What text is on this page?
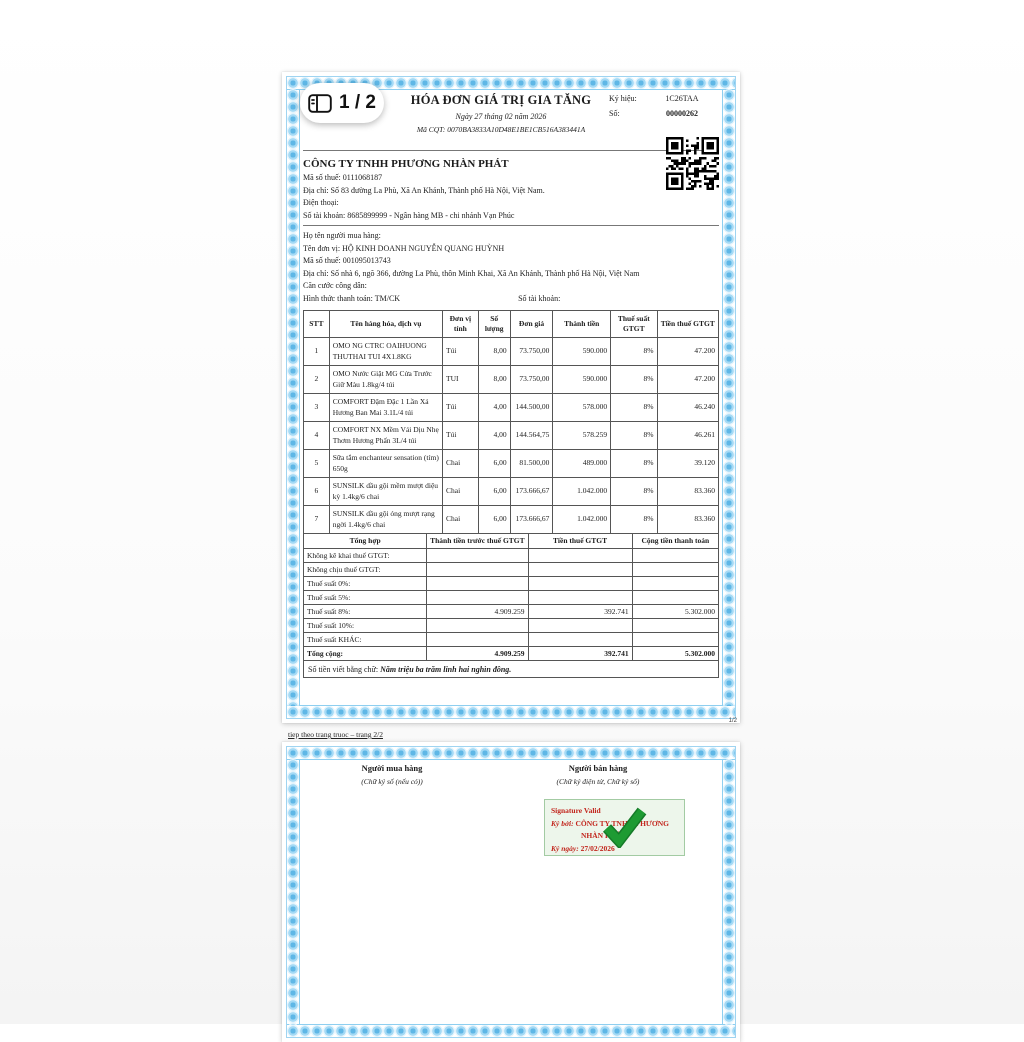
1 / 2	HÓA ĐƠN GIÁ TRỊ GIA TĂNG
Ngày 27 tháng 02 năm 2026
Mã CQT: 0070BA3833A10D48E1BE1CB516A383441A
Ký hiệu:	1C26TAA
Số:	00000262
CÔNG TY TNHH PHƯƠNG NHÀN PHÁT
Mã số thuế: 0111068187
Địa chỉ: Số 83 đường La Phù, Xã An Khánh, Thành phố Hà Nội, Việt Nam.
Điện thoại:
Số tài khoản: 8685899999 - Ngân hàng MB - chi nhánh Vạn Phúc
Họ tên người mua hàng:
Tên đơn vị: HỘ KINH DOANH NGUYỄN QUANG HUỲNH
Mã số thuế: 001095013743
Địa chỉ: Số nhà 6, ngõ 366, đường La Phù, thôn Minh Khai, Xã An Khánh, Thành phố Hà Nội, Việt Nam
Căn cước công dân:
Hình thức thanh toán: TM/CK	Số tài khoản:
STT	Tên hàng hóa, dịch vụ	Đơn vị tính	Số lượng	Đơn giá	Thành tiền	Thuế suất GTGT	Tiền thuế GTGT
1	OMO NG CTRC OAIHUONG THUTHAI TUI 4X1.8KG	Túi	8,00	73.750,00	590.000	8%	47.200
2	OMO Nước Giặt MG Cửa Trước Giữ Màu 1.8kg/4 túi	TUI	8,00	73.750,00	590.000	8%	47.200
3	COMFORT Đậm Đặc 1 Lần Xả Hương Ban Mai 3.1L/4 túi	Túi	4,00	144.500,00	578.000	8%	46.240
4	COMFORT NX Mềm Vải Dịu Nhẹ Thơm Hương Phấn 3L/4 túi	Túi	4,00	144.564,75	578.259	8%	46.261
5	Sữa tắm enchanteur sensation (tím) 650g	Chai	6,00	81.500,00	489.000	8%	39.120
6	SUNSILK dầu gội mềm mượt diệu kỳ 1.4kg/6 chai	Chai	6,00	173.666,67	1.042.000	8%	83.360
7	SUNSILK dầu gội óng mượt rạng ngời 1.4kg/6 chai	Chai	6,00	173.666,67	1.042.000	8%	83.360
Tổng hợp	Thành tiền trước thuế GTGT	Tiền thuế GTGT	Cộng tiền thanh toán
Không kê khai thuế GTGT:			
Không chịu thuế GTGT:			
Thuế suất 0%:			
Thuế suất 5%:			
Thuế suất 8%:	4.909.259	392.741	5.302.000
Thuế suất 10%:			
Thuế suất KHÁC:			
Tổng cộng:	4.909.259	392.741	5.302.000
Số tiền viết bằng chữ: Năm triệu ba trăm linh hai nghìn đồng.
1/2
tiep theo trang truoc – trang 2/2
Người mua hàng
(Chữ ký số (nếu có))
Người bán hàng
(Chữ ký điện tử, Chữ ký số)
Signature Valid
Ký bởi: CÔNG TY TNHH PHƯƠNG NHÀN PHÁT
Ký ngày: 27/02/2026
